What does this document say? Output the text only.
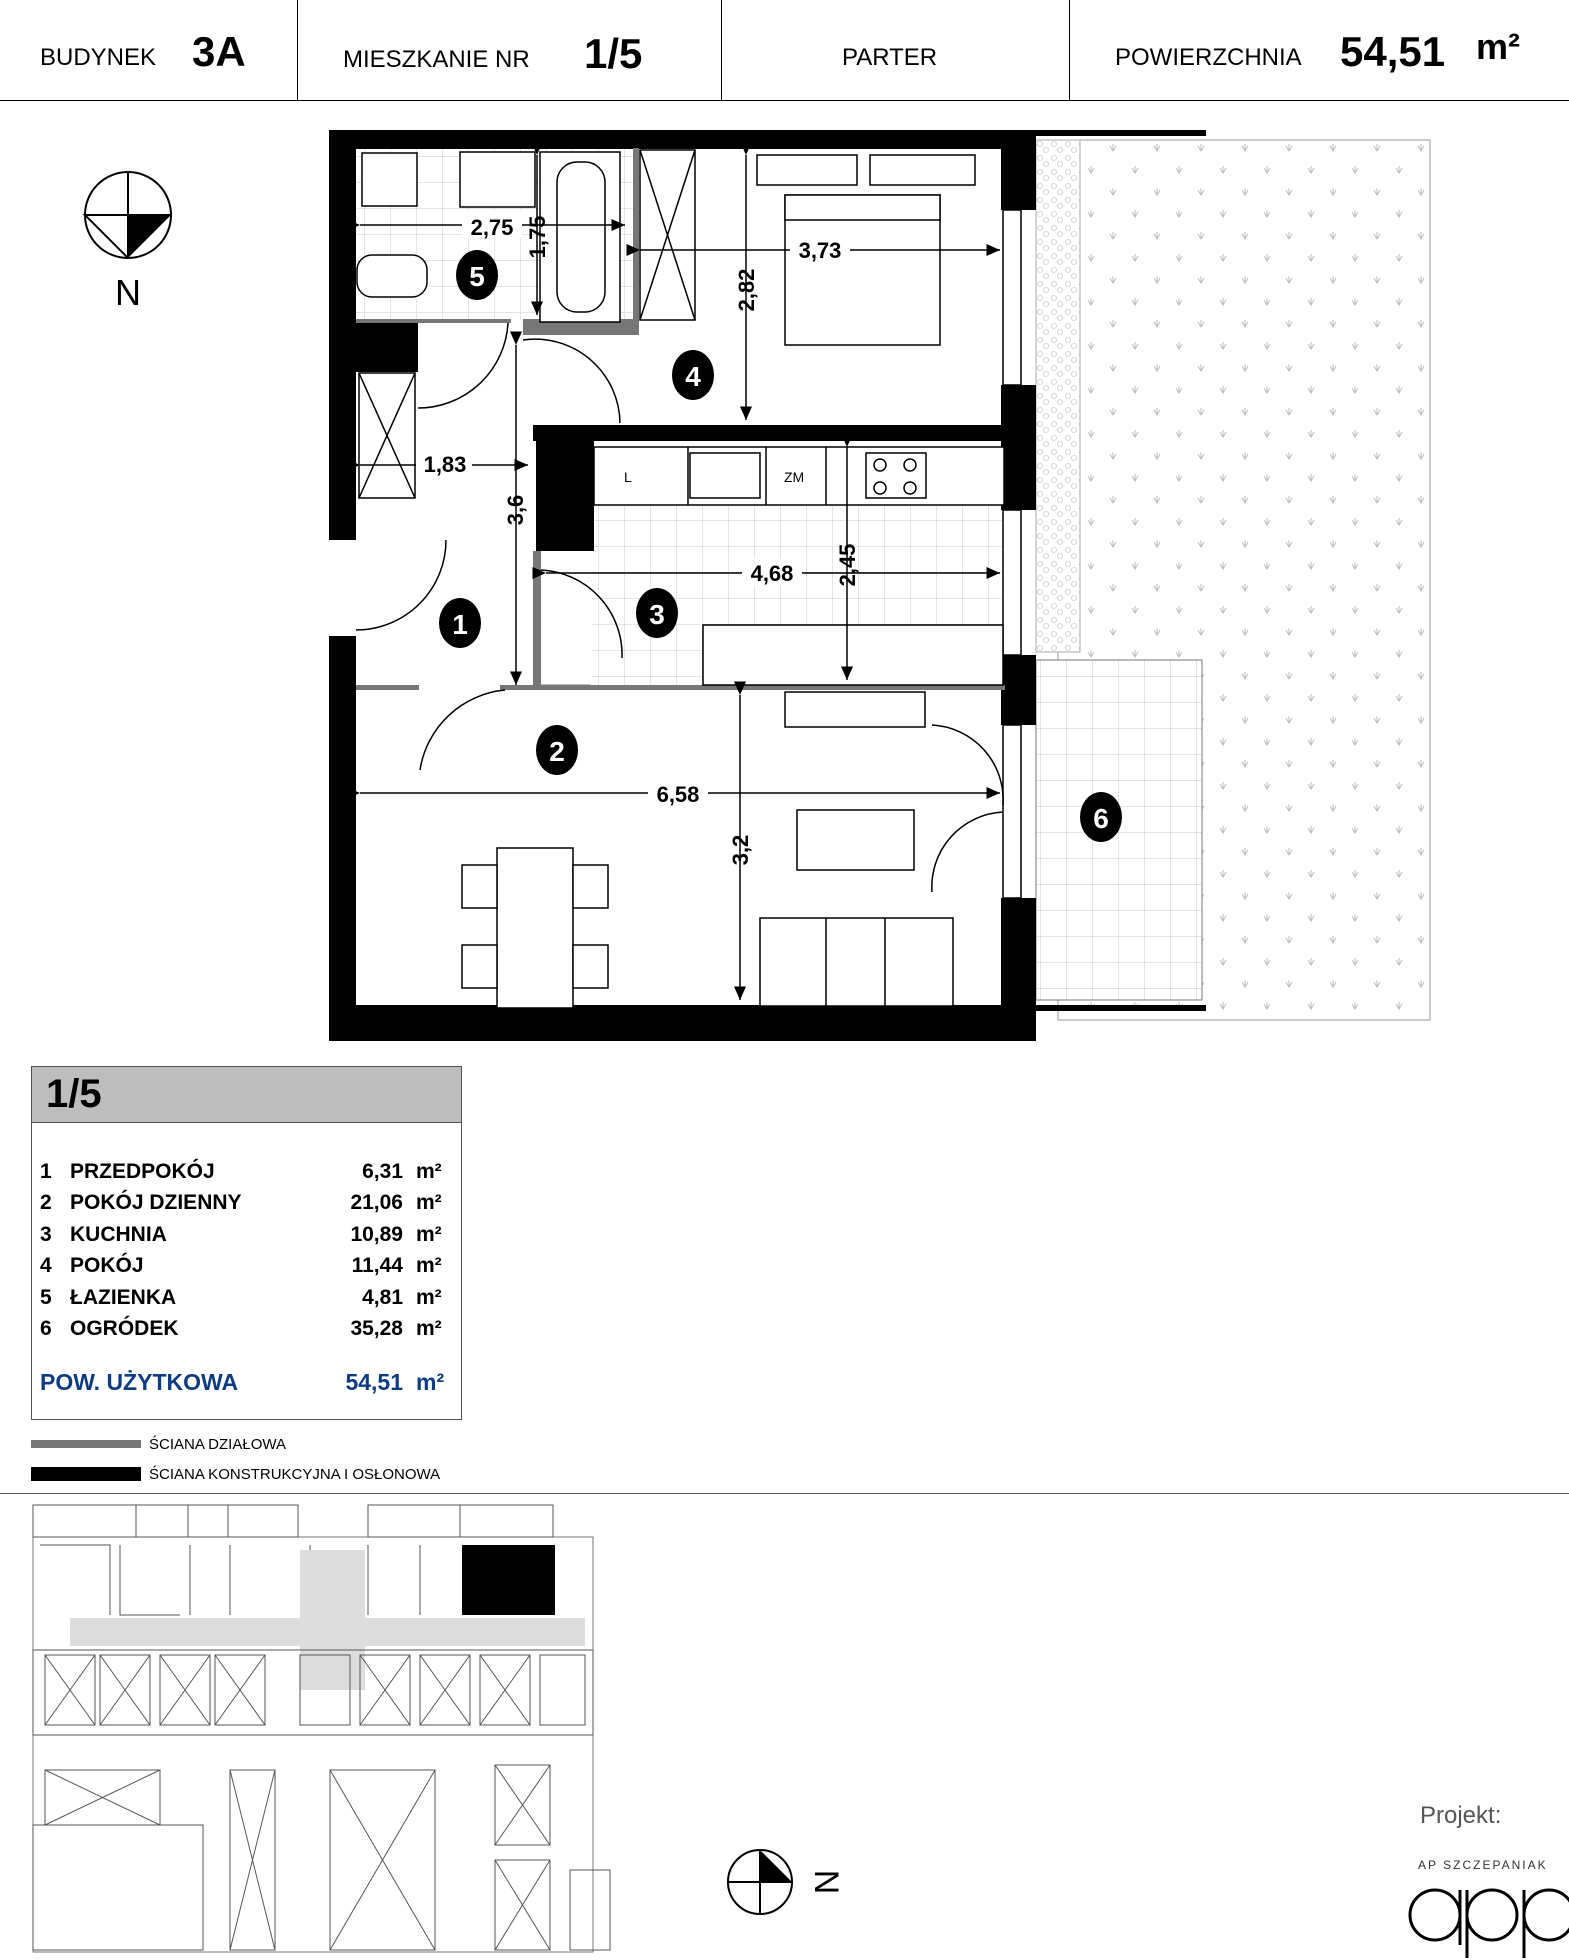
BUDYNEK 3A	MIESZKANIE NR 1/5	PARTER	POWIERZCHNIA 54,51 m²
N
L	ZM
2,75 1,75	3,73
2,82
1,83
3,6
4,68 2,45
6,58
3,2
1
2
3
4
5
6
N
1/5
1 PRZEDPOKÓJ	6,31 m²
2 POKÓJ DZIENNY	21,06 m²
3 KUCHNIA	10,89 m²
4 POKÓJ	11,44 m²
5 ŁAZIENKA	4,81 m²
6 OGRÓDEK	35,28 m²
POW. UŻYTKOWA	54,51 m²
ŚCIANA DZIAŁOWA
ŚCIANA KONSTRUKCYJNA I OSŁONOWA
Projekt:
AP SZCZEPANIAK
